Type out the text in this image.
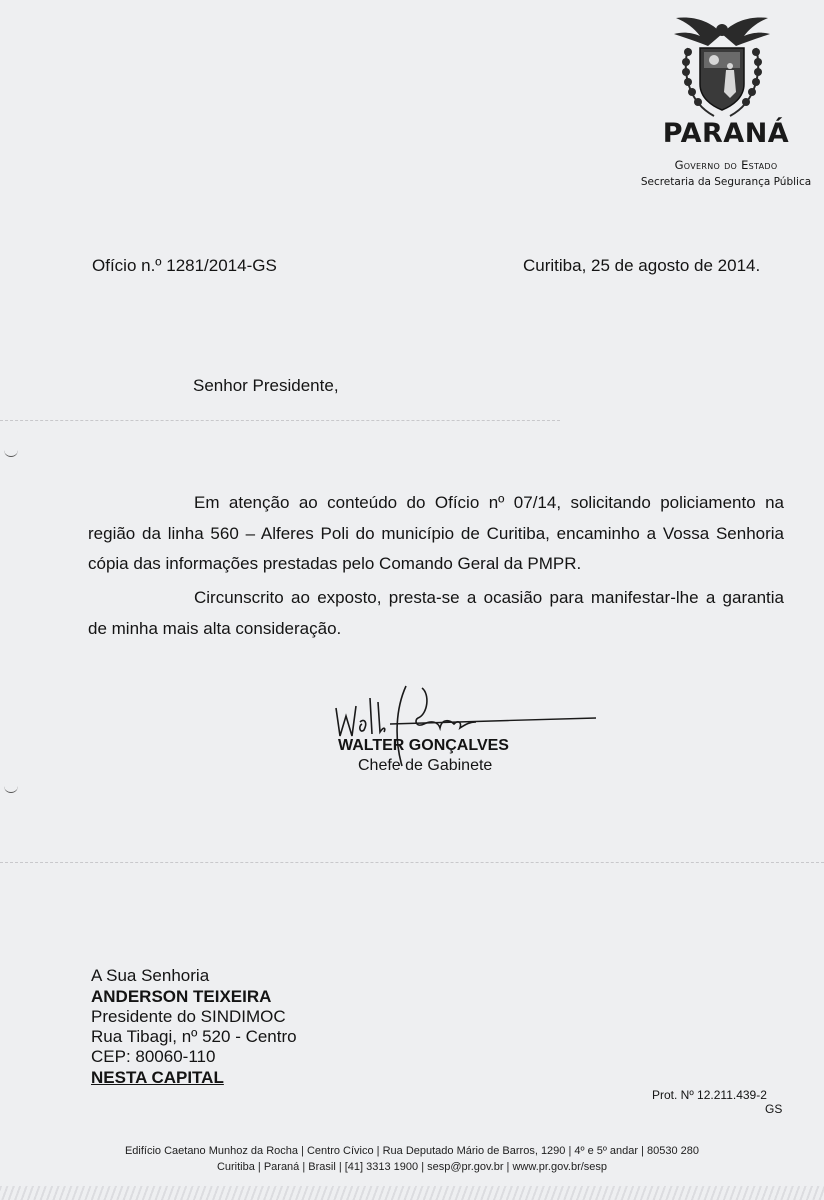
PARANÁ
Governo do Estado
Secretaria da Segurança Pública
Ofício n.º 1281/2014-GS	Curitiba, 25 de agosto de 2014.
Senhor Presidente,
Em atenção ao conteúdo do Ofício nº 07/14, solicitando policiamento na região da linha 560 – Alferes Poli do município de Curitiba, encaminho a Vossa Senhoria cópia das informações prestadas pelo Comando Geral da PMPR.
Circunscrito ao exposto, presta-se a ocasião para manifestar-lhe a garantia de minha mais alta consideração.
WALTER GONÇALVES
Chefe de Gabinete
A Sua Senhoria
ANDERSON TEIXEIRA
Presidente do SINDIMOC
Rua Tibagi, nº 520 - Centro
CEP: 80060-110
NESTA CAPITAL
Prot. Nº 12.211.439-2
GS
Edifício Caetano Munhoz da Rocha | Centro Cívico | Rua Deputado Mário de Barros, 1290 | 4º e 5º andar | 80530 280
Curitiba | Paraná | Brasil | [41] 3313 1900 | sesp@pr.gov.br | www.pr.gov.br/sesp
